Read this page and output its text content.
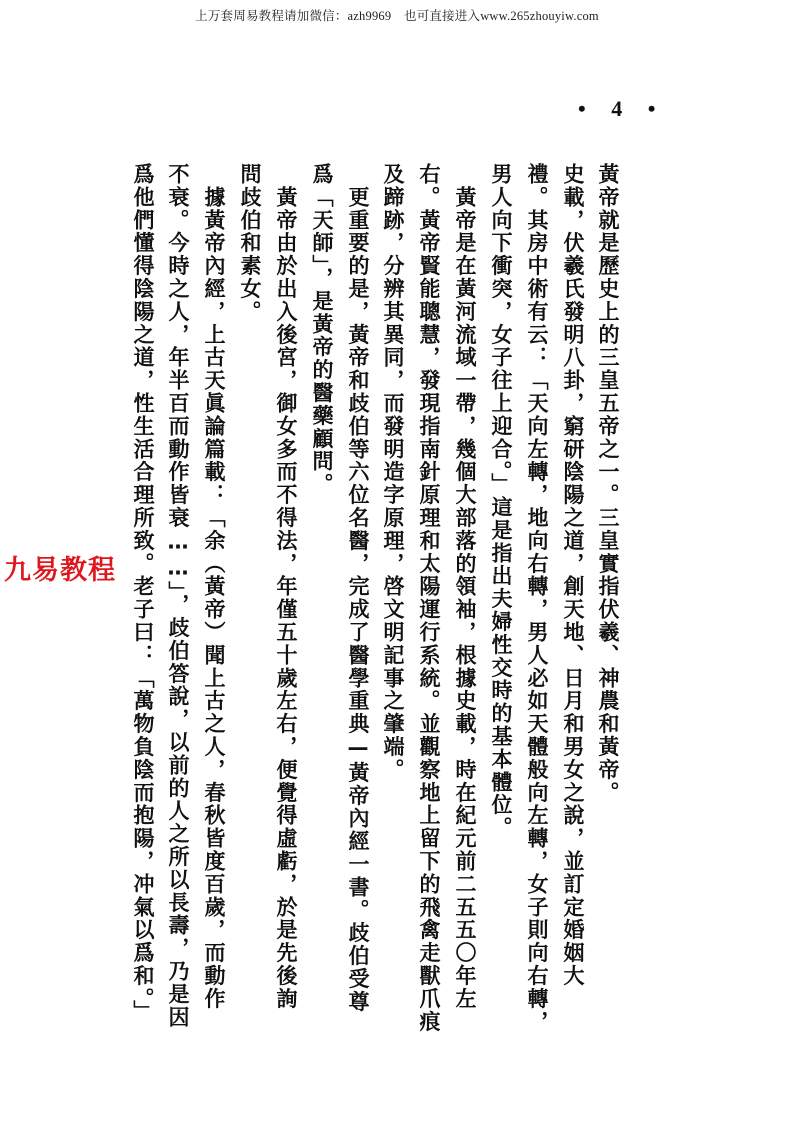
上万套周易教程请加微信：azh9969　也可直接进入www.265zhouyiw.com
• 4 •
黃帝就是歷史上的三皇五帝之一。三皇實指伏羲、神農和黃帝。
史載，伏羲氏發明八卦，窮研陰陽之道，創天地、日月和男女之說，並訂定婚姻大
禮。其房中術有云：「天向左轉，地向右轉，男人必如天體般向左轉，女子則向右轉，
男人向下衝突，女子往上迎合。」這是指出夫婦性交時的基本體位。
　黃帝是在黃河流域一帶，幾個大部落的領袖，根據史載，時在紀元前二五五〇年左
右。黃帝賢能聰慧，發現指南針原理和太陽運行系統。並觀察地上留下的飛禽走獸爪痕
及蹄跡，分辨其異同，而發明造字原理，啓文明記事之肇端。
　更重要的是，黃帝和歧伯等六位名醫，完成了醫學重典—黃帝內經一書。歧伯受尊
爲「天師」，是黃帝的醫藥顧問。
　黃帝由於出入後宮，御女多而不得法，年僅五十歲左右，便覺得虛虧，於是先後詢
問歧伯和素女。
　據黃帝內經，上古天眞論篇載：「余（黃帝）聞上古之人，春秋皆度百歲，而動作
不衰。今時之人，年半百而動作皆衰……」，歧伯答說，以前的人之所以長壽，乃是因
爲他們懂得陰陽之道，性生活合理所致。老子曰：「萬物負陰而抱陽，冲氣以爲和。」
九易教程
